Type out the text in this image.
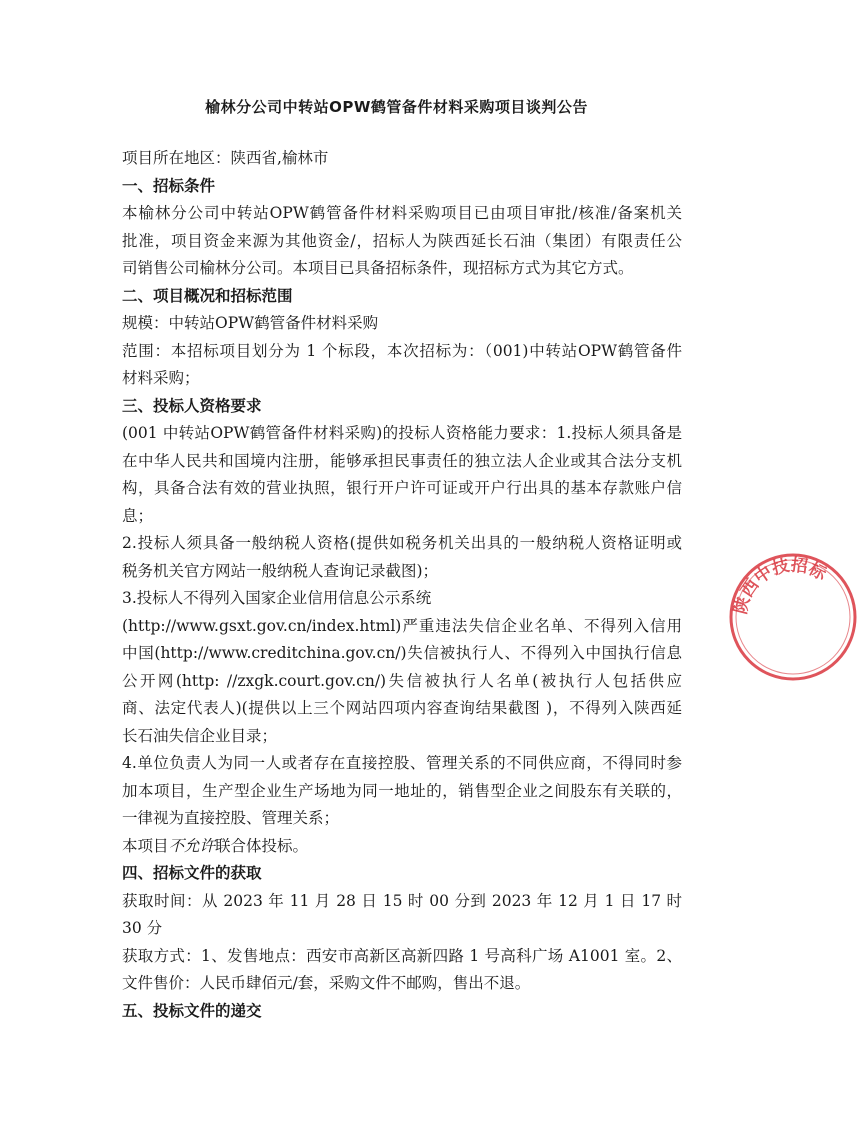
榆林分公司中转站OPW鹤管备件材料采购项目谈判公告

项目所在地区：陕西省,榆林市

一、招标条件

本榆林分公司中转站OPW鹤管备件材料采购项目已由项目审批/核准/备案机关

批准，项目资金来源为其他资金/，招标人为陕西延长石油（集团）有限责任公

司销售公司榆林分公司。本项目已具备招标条件，现招标方式为其它方式。

二、项目概况和招标范围

规模：中转站OPW鹤管备件材料采购

范围：本招标项目划分为 1 个标段，本次招标为：（001)中转站OPW鹤管备件

材料采购；

三、投标人资格要求

(001 中转站OPW鹤管备件材料采购)的投标人资格能力要求：1.投标人须具备是

在中华人民共和国境内注册，能够承担民事责任的独立法人企业或其合法分支机

构，具备合法有效的营业执照，银行开户许可证或开户行出具的基本存款账户信

息；

2.投标人须具备一般纳税人资格(提供如税务机关出具的一般纳税人资格证明或

税务机关官方网站一般纳税人查询记录截图)；

3.投标人不得列入国家企业信用信息公示系统

(http://www.gsxt.gov.cn/index.html)严重违法失信企业名单、不得列入信用

中国(http://www.creditchina.gov.cn/)失信被执行人、不得列入中国执行信息

公开网(http: //zxgk.court.gov.cn/)失信被执行人名单(被执行人包括供应

商、法定代表人)(提供以上三个网站四项内容查询结果截图 )，不得列入陕西延

长石油失信企业目录；

4.单位负责人为同一人或者存在直接控股、管理关系的不同供应商，不得同时参

加本项目，生产型企业生产场地为同一地址的，销售型企业之间股东有关联的，

一律视为直接控股、管理关系；

本项目不允许联合体投标。

四、招标文件的获取

获取时间：从 2023 年 11 月 28 日 15 时 00 分到 2023 年 12 月 1 日 17 时

30 分

获取方式：1、发售地点：西安市高新区高新四路 1 号高科广场 A1001 室。2、

文件售价：人民币肆佰元/套，采购文件不邮购，售出不退。

五、投标文件的递交

陕西中技招标
